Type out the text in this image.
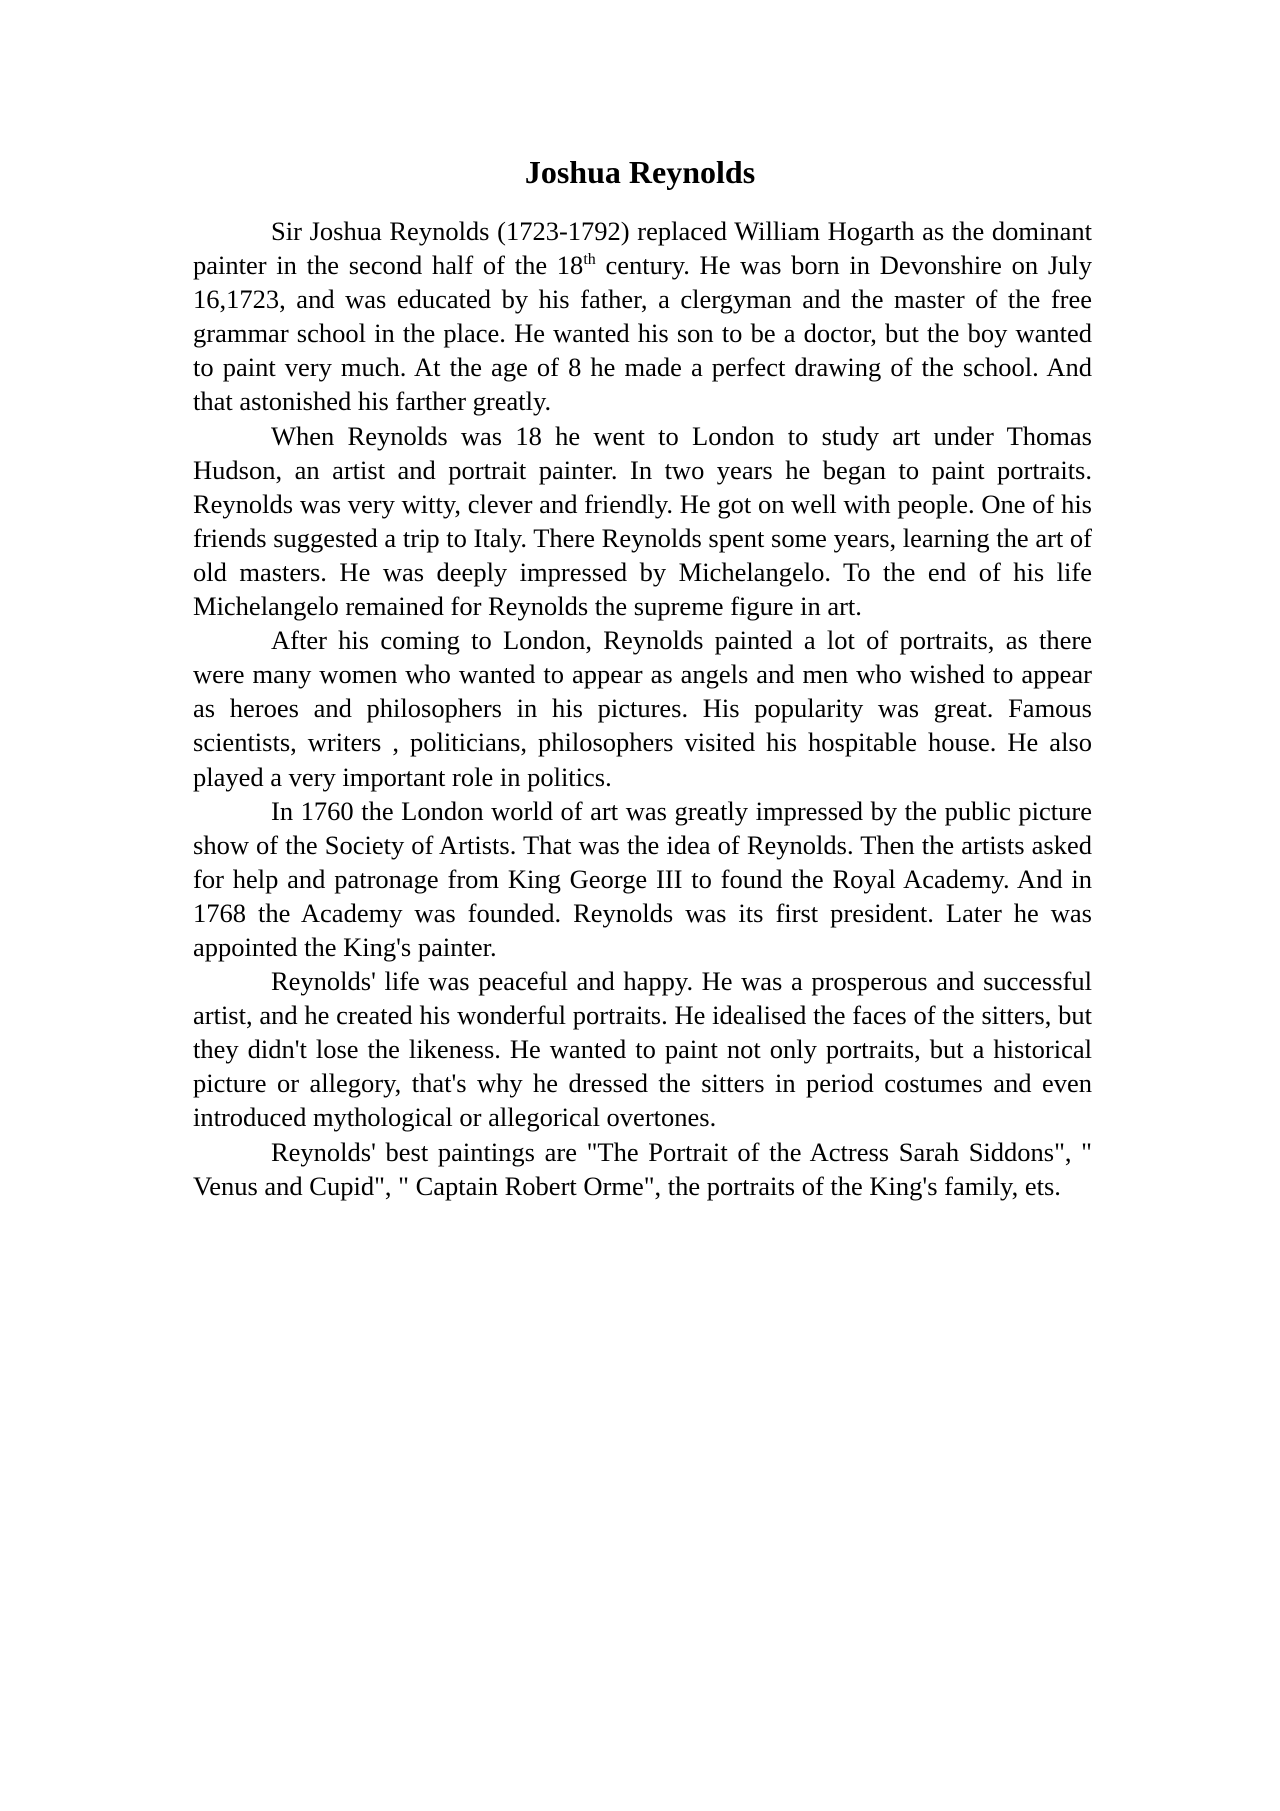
Joshua Reynolds

Sir Joshua Reynolds (1723-1792) replaced William Hogarth as the dominant painter in the second half of the 18th century. He was born in Devonshire on July 16,1723, and was educated by his father, a clergyman and the master of the free grammar school in the place. He wanted his son to be a doctor, but the boy wanted to paint very much. At the age of 8 he made a perfect drawing of the school. And that astonished his farther greatly.

When Reynolds was 18 he went to London to study art under Thomas Hudson, an artist and portrait painter. In two years he began to paint portraits. Reynolds was very witty, clever and friendly. He got on well with people. One of his friends suggested a trip to Italy. There Reynolds spent some years, learning the art of old masters. He was deeply impressed by Michelangelo. To the end of his life Michelangelo remained for Reynolds the supreme figure in art.

After his coming to London, Reynolds painted a lot of portraits, as there were many women who wanted to appear as angels and men who wished to appear as heroes and philosophers in his pictures. His popularity was great. Famous scientists, writers , politicians, philosophers visited his hospitable house. He also played a very important role in politics.

In 1760 the London world of art was greatly impressed by the public picture show of the Society of Artists. That was the idea of Reynolds. Then the artists asked for help and patronage from King George III to found the Royal Academy. And in 1768 the Academy was founded. Reynolds was its first president. Later he was appointed the King's painter.

Reynolds' life was peaceful and happy. He was a prosperous and successful artist, and he created his wonderful portraits. He idealised the faces of the sitters, but they didn't lose the likeness. He wanted to paint not only portraits, but a historical picture or allegory, that's why he dressed the sitters in period costumes and even introduced mythological or allegorical overtones.

Reynolds' best paintings are "The Portrait of the Actress Sarah Siddons", " Venus and Cupid", " Captain Robert Orme", the portraits of the King's family, ets.
